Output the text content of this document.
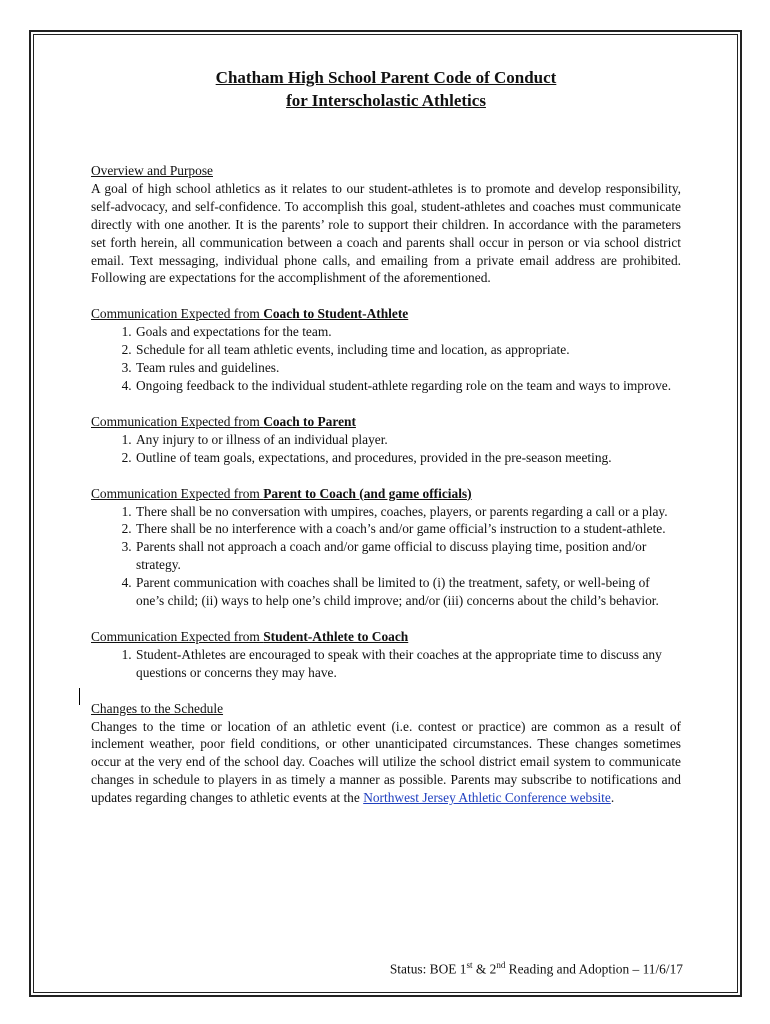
Chatham High School Parent Code of Conduct
for Interscholastic Athletics

Overview and Purpose

A goal of high school athletics as it relates to our student-athletes is to promote and develop responsibility, self-advocacy, and self-confidence. To accomplish this goal, student-athletes and coaches must communicate directly with one another. It is the parents’ role to support their children. In accordance with the parameters set forth herein, all communication between a coach and parents shall occur in person or via school district email. Text messaging, individual phone calls, and emailing from a private email address are prohibited. Following are expectations for the accomplishment of the aforementioned.

Communication Expected from Coach to Student-Athlete
1. Goals and expectations for the team.
2. Schedule for all team athletic events, including time and location, as appropriate.
3. Team rules and guidelines.
4. Ongoing feedback to the individual student-athlete regarding role on the team and ways to improve.
Communication Expected from Coach to Parent
1. Any injury to or illness of an individual player.
2. Outline of team goals, expectations, and procedures, provided in the pre-season meeting.
Communication Expected from Parent to Coach (and game officials)
1. There shall be no conversation with umpires, coaches, players, or parents regarding a call or a play.
2. There shall be no interference with a coach’s and/or game official’s instruction to a student-athlete.
3. Parents shall not approach a coach and/or game official to discuss playing time, position and/or strategy.
4. Parent communication with coaches shall be limited to (i) the treatment, safety, or well-being of one’s child; (ii) ways to help one’s child improve; and/or (iii) concerns about the child’s behavior.
Communication Expected from Student-Athlete to Coach
1. Student-Athletes are encouraged to speak with their coaches at the appropriate time to discuss any questions or concerns they may have.
Changes to the Schedule

Changes to the time or location of an athletic event (i.e. contest or practice) are common as a result of inclement weather, poor field conditions, or other unanticipated circumstances. These changes sometimes occur at the very end of the school day. Coaches will utilize the school district email system to communicate changes in schedule to players in as timely a manner as possible. Parents may subscribe to notifications and updates regarding changes to athletic events at the Northwest Jersey Athletic Conference website.

Status: BOE 1st & 2nd Reading and Adoption – 11/6/17
